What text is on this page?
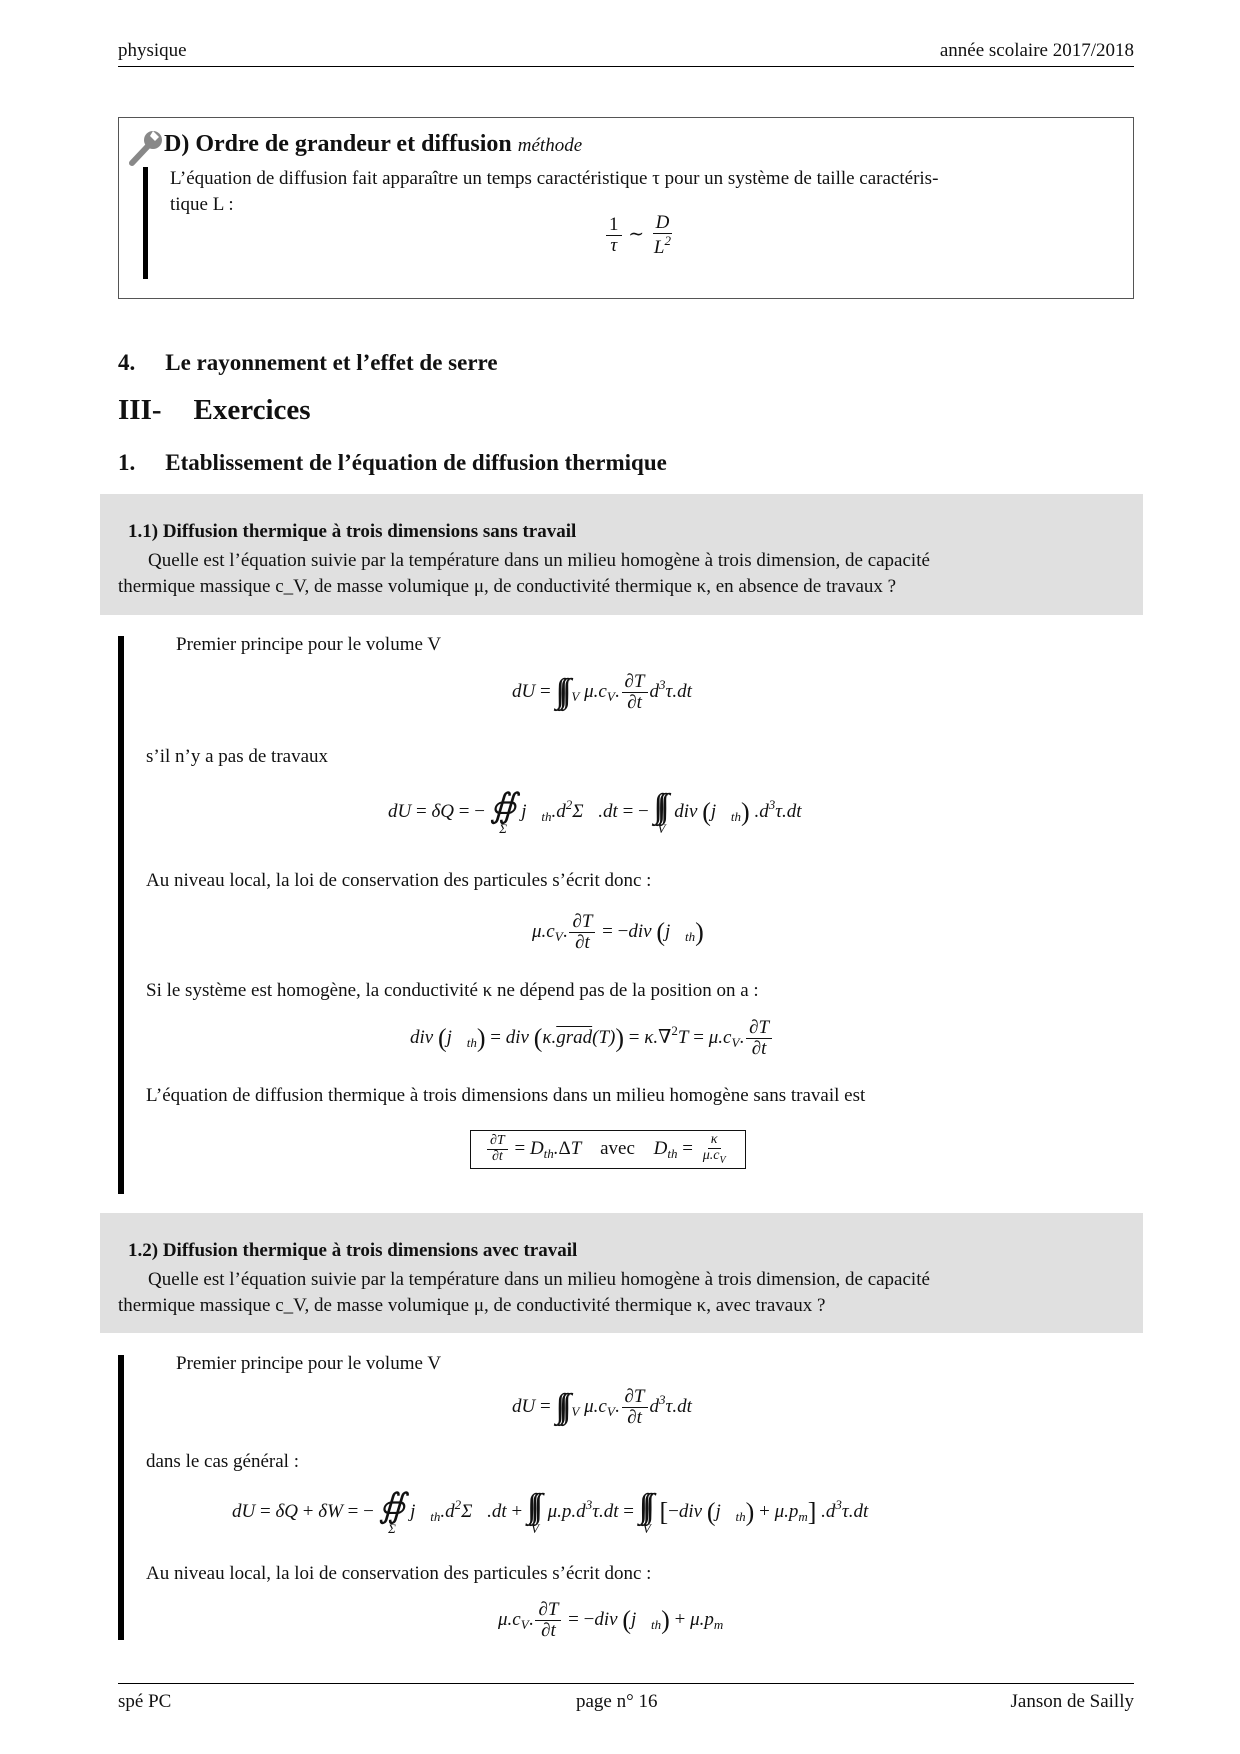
physique	année scolaire 2017/2018
D) Ordre de grandeur et diffusion méthode
L’équation de diffusion fait apparaître un temps caractéristique τ pour un système de taille caractéris-
tique L :
$\frac{1}{\tau}$ ∼ $\frac{D}{L^2}$
4. Le rayonnement et l’effet de serre
III- Exercices
1. Etablissement de l’équation de diffusion thermique
1.1) Diffusion thermique à trois dimensions sans travail
Quelle est l’équation suivie par la température dans un milieu homogène à trois dimension, de capacité
thermique massique c_V, de masse volumique μ, de conductivité thermique κ, en absence de travaux ?
Premier principe pour le volume V
dU = ∫∫∫ $_V$ $\mu.c_V$. $\frac{\partial T}{\partial t} d^3\tau.dt$
s’il n’y a pas de travaux
dU = δQ = − ∯
Σ
$j⃗_{th}.d^2\Sigma⃗.dt$ = − ∫∫∫
V
div $(j⃗_{th})$ $.d^3\tau.dt$
Au niveau local, la loi de conservation des particules s’écrit donc :
$\mu.c_V$. $\frac{\partial T}{\partial t} = -div$ $(j⃗_{th})$
Si le système est homogène, la conductivité κ ne dépend pas de la position on a :
div $(j⃗_{th})$ = div (κ.grad(T)) = $\kappa.\nabla^2T = \mu.c_V$. $\frac{\partial T}{\partial t}$
L’équation de diffusion thermique à trois dimensions dans un milieu homogène sans travail est
$\frac{\partial T}{\partial t} = D_{th}.\Delta T$ avec $D_{th} = \frac{\kappa}{\mu.c_V}$
1.2) Diffusion thermique à trois dimensions avec travail
Quelle est l’équation suivie par la température dans un milieu homogène à trois dimension, de capacité
thermique massique c_V, de masse volumique μ, de conductivité thermique κ, avec travaux ?
Premier principe pour le volume V
dU = ∫∫∫ $_V$ $\mu.c_V$. $\frac{\partial T}{\partial t} d^3\tau.dt$
dans le cas général :
dU = δQ + δW = − ∯
Σ
$j⃗_{th}.d^2\Sigma⃗.dt$ + ∫∫∫
V
$\mu.p.d^3\tau.dt$ = ∫∫∫
V
[−div $(j⃗_{th}) + \mu.p_m$] $.d^3\tau.dt$
Au niveau local, la loi de conservation des particules s’écrit donc :
$\mu.c_V$. $\frac{\partial T}{\partial t} = -div$ $(j⃗_{th}) + \mu.p_m$
spé PC	page n° 16	Janson de Sailly
